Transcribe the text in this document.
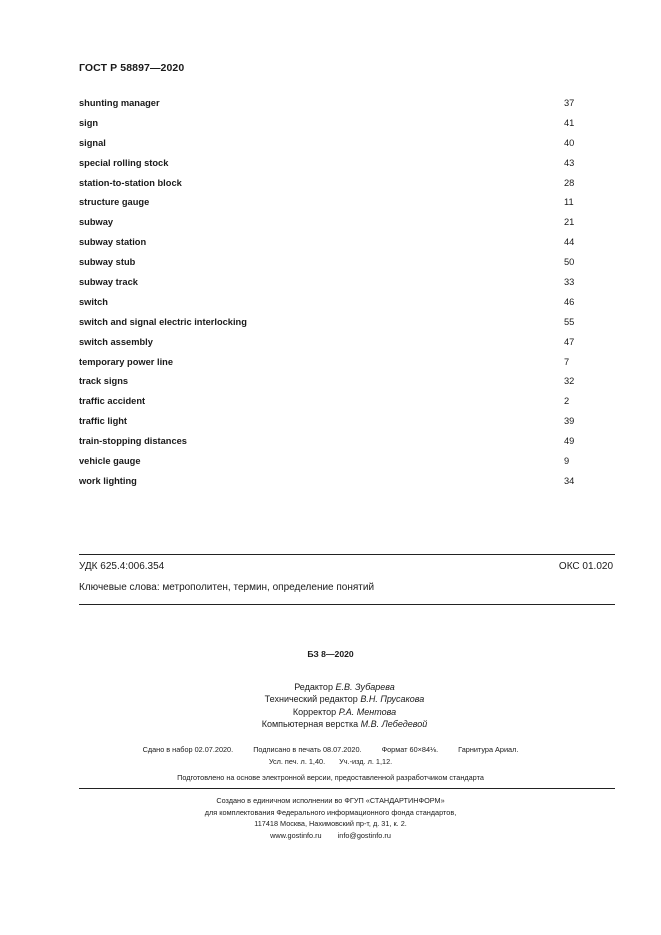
ГОСТ Р 58897—2020
shunting manager	37
sign	41
signal	40
special rolling stock	43
station-to-station block	28
structure gauge	11
subway	21
subway station	44
subway stub	50
subway track	33
switch	46
switch and signal electric interlocking	55
switch assembly	47
temporary power line	7
track signs	32
traffic accident	2
traffic light	39
train-stopping distances	49
vehicle gauge	9
work lighting	34
УДК 625.4:006.354	ОКС 01.020
Ключевые слова: метрополитен, термин, определение понятий
БЗ 8—2020
Редактор Е.В. Зубарева
Технический редактор В.Н. Прусакова
Корректор Р.А. Ментова
Компьютерная верстка М.В. Лебедевой
Сдано в набор 02.07.2020.	Подписано в печать 08.07.2020.	Формат 60×84⅛.	Гарнитура Ариал.
Усл. печ. л. 1,40. Уч.-изд. л. 1,12.
Подготовлено на основе электронной версии, предоставленной разработчиком стандарта
Создано в единичном исполнении во ФГУП «СТАНДАРТИНФОРМ»
для комплектования Федерального информационного фонда стандартов,
117418 Москва, Нахимовский пр-т, д. 31, к. 2.
www.gostinfo.ru info@gostinfo.ru
